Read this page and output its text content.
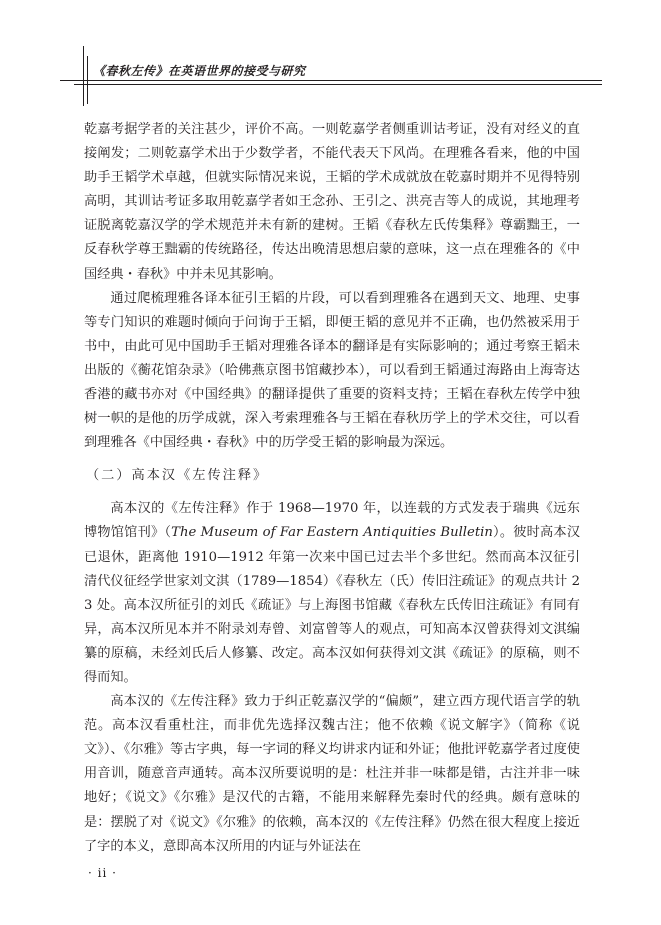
《春秋左传》在英语世界的接受与研究

乾嘉考据学者的关注甚少，评价不高。一则乾嘉学者侧重训诂考证，没有对经义的直接阐发；二则乾嘉学术出于少数学者，不能代表天下风尚。在理雅各看来，他的中国助手王韬学术卓越，但就实际情况来说，王韬的学术成就放在乾嘉时期并不见得特别高明，其训诂考证多取用乾嘉学者如王念孙、王引之、洪亮吉等人的成说，其地理考证脱离乾嘉汉学的学术规范并未有新的建树。王韬《春秋左氏传集释》尊霸黜王，一反春秋学尊王黜霸的传统路径，传达出晚清思想启蒙的意味，这一点在理雅各的《中国经典・春秋》中并未见其影响。

通过爬梳理雅各译本征引王韬的片段，可以看到理雅各在遇到天文、地理、史事等专门知识的难题时倾向于问询于王韬，即便王韬的意见并不正确，也仍然被采用于书中，由此可见中国助手王韬对理雅各译本的翻译是有实际影响的；通过考察王韬未出版的《蘅花馆杂录》（哈佛燕京图书馆藏抄本），可以看到王韬通过海路由上海寄达香港的藏书亦对《中国经典》的翻译提供了重要的资料支持；王韬在春秋左传学中独树一帜的是他的历学成就，深入考索理雅各与王韬在春秋历学上的学术交往，可以看到理雅各《中国经典・春秋》中的历学受王韬的影响最为深远。

（二）高本汉《左传注释》

高本汉的《左传注释》作于 1968—1970 年，以连载的方式发表于瑞典《远东博物馆馆刊》（The Museum of Far Eastern Antiquities Bulletin）。彼时高本汉已退休，距离他 1910—1912 年第一次来中国已过去半个多世纪。然而高本汉征引清代仪征经学世家刘文淇（1789—1854）《春秋左（氏）传旧注疏证》的观点共计 23 处。高本汉所征引的刘氏《疏证》与上海图书馆藏《春秋左氏传旧注疏证》有同有异，高本汉所见本并不附录刘寿曾、刘富曾等人的观点，可知高本汉曾获得刘文淇编纂的原稿，未经刘氏后人修纂、改定。高本汉如何获得刘文淇《疏证》的原稿，则不得而知。

高本汉的《左传注释》致力于纠正乾嘉汉学的“偏颇”，建立西方现代语言学的轨范。高本汉看重杜注，而非优先选择汉魏古注；他不依赖《说文解字》（简称《说文》）、《尔雅》等古字典，每一字词的释义均讲求内证和外证；他批评乾嘉学者过度使用音训，随意音声通转。高本汉所要说明的是：杜注并非一味都是错，古注并非一味地好；《说文》《尔雅》是汉代的古籍，不能用来解释先秦时代的经典。颇有意味的是：摆脱了对《说文》《尔雅》的依赖，高本汉的《左传注释》仍然在很大程度上接近了字的本义，意即高本汉所用的内证与外证法在

· ii ·
